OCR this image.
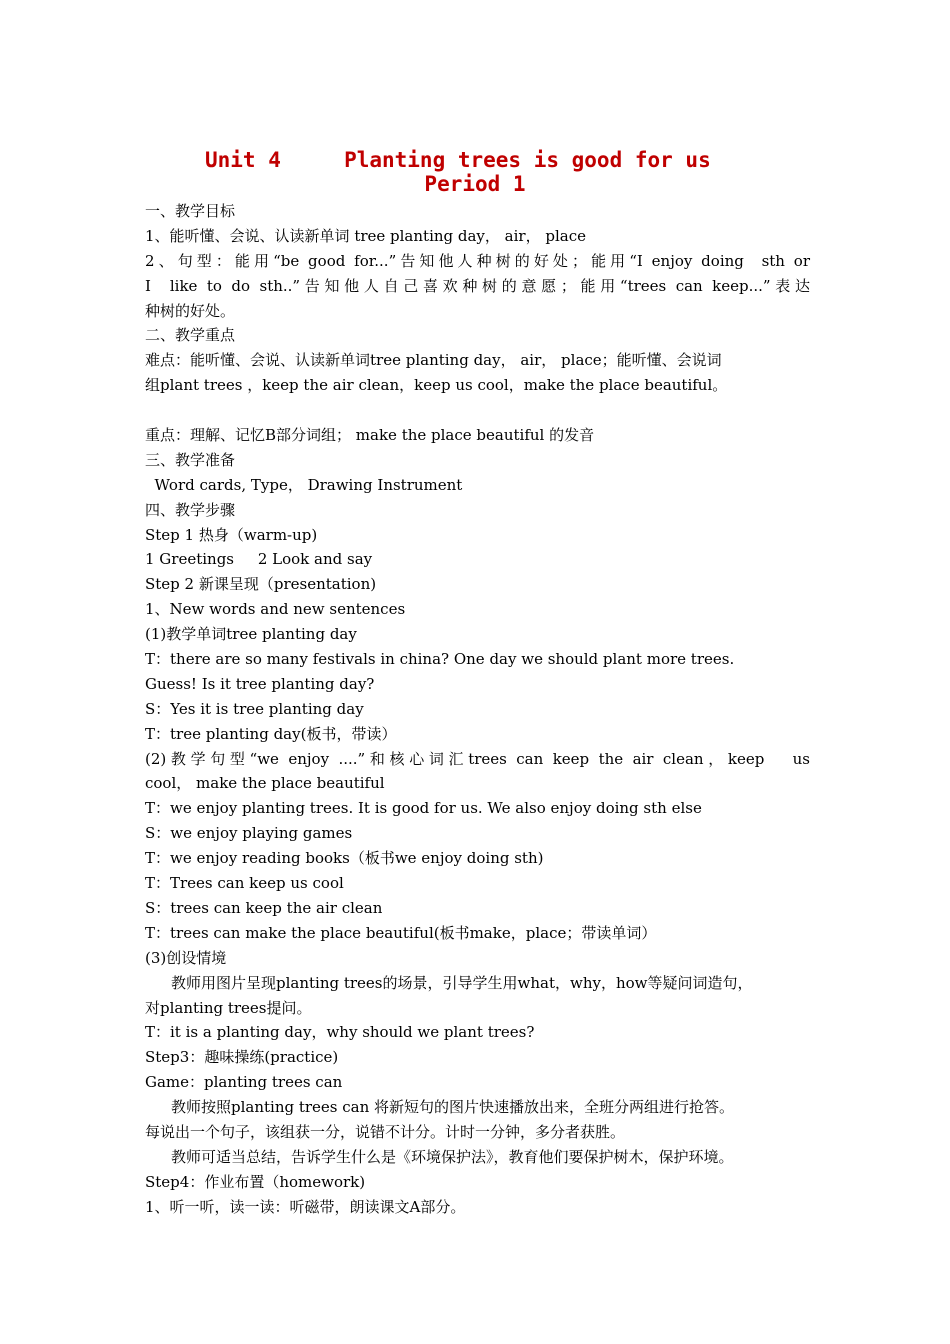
Unit 4     Planting trees is good for us
Period 1
一、教学目标
1、能听懂、会说、认读新单词 tree planting day， air， place
2、句型：能用“be good for...”告知他人种树的好处；能用“I enjoy doing  sth or
I  like to do sth..”告知他人自己喜欢种树的意愿；能用“trees can keep...”表达
种树的好处。
二、教学重点
难点：能听懂、会说、认读新单词tree planting day， air， place；能听懂、会说词
组plant trees ，keep the air clean，keep us cool，make the place beautiful。
重点：理解、记忆B部分词组； make the place beautiful 的发音
三、教学准备
Word cards, Type， Drawing Instrument
四、教学步骤
Step 1 热身（warm-up)
1 Greetings     2 Look and say
Step 2 新课呈现（presentation)
1、New words and new sentences
(1)教学单词tree planting day
T：there are so many festivals in china? One day we should plant more trees.
Guess! Is it tree planting day?
S：Yes it is tree planting day
T：tree planting day(板书，带读）
(2)教学句型“we enjoy ....”和核心词汇trees can keep the air clean，keep   us
cool， make the place beautiful
T：we enjoy planting trees. It is good for us. We also enjoy doing sth else
S：we enjoy playing games
T：we enjoy reading books（板书we enjoy doing sth)
T：Trees can keep us cool
S：trees can keep the air clean
T：trees can make the place beautiful(板书make，place；带读单词）
(3)创设情境
教师用图片呈现planting trees的场景，引导学生用what，why，how等疑问词造句，
对planting trees提问。
T：it is a planting day，why should we plant trees?
Step3：趣味操练(practice)
Game：planting trees can
教师按照planting trees can 将新短句的图片快速播放出来，全班分两组进行抢答。
每说出一个句子，该组获一分，说错不计分。计时一分钟，多分者获胜。
教师可适当总结，告诉学生什么是《环境保护法》，教育他们要保护树木，保护环境。
Step4：作业布置（homework)
1、听一听，读一读：听磁带，朗读课文A部分。
